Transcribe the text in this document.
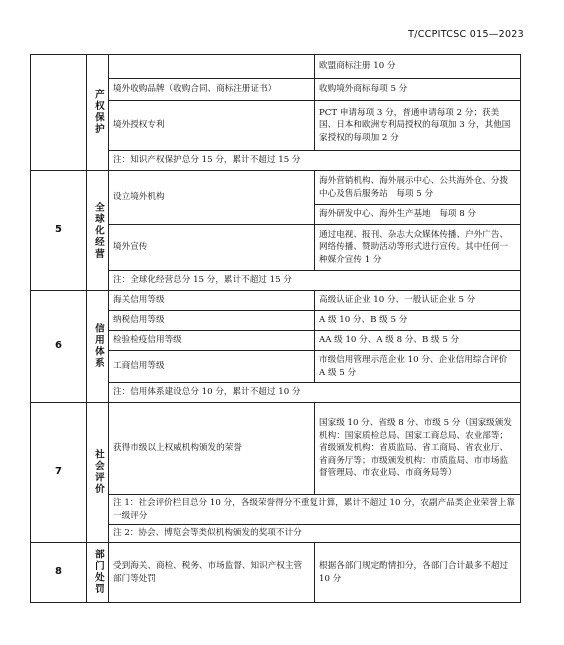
T/CCPITCSC 015—2023

	产权保护		欧盟商标注册 10 分
		境外收购品牌（收购合同、商标注册证书）	收购境外商标每项 5 分
		境外授权专利	PCT 申请每项 3 分，普通申请每项 2 分；获美国、日本和欧洲专利局授权的每项加 3 分，其他国家授权的每项加 2 分
		注：知识产权保护总分 15 分，累计不超过 15 分	
5	全球化经营	设立境外机构	海外营销机构、海外展示中心、公共海外仓、分拨中心及售后服务站　每项 5 分
			海外研发中心、海外生产基地　每项 8 分
		境外宣传	通过电视、报刊、杂志大众媒体传播、户外广告、网络传播、赞助活动等形式进行宣传。其中任何一种媒介宣传 1 分
		注：全球化经营总分 15 分，累计不超过 15 分	
6	信用体系	海关信用等级	高级认证企业 10 分、一般认证企业 5 分
		纳税信用等级	A 级 10 分、B 级 5 分
		检验检疫信用等级	AA 级 10 分、A 级 8 分、B 级 5 分
		工商信用等级	市级信用管理示范企业 10 分、企业信用综合评价 A 级 5 分
		注：信用体系建设总分 10 分，累计不超过 10 分	
7	社会评价	获得市级以上权威机构颁发的荣誉	国家级 10 分、省级 8 分、市级 5 分（国家级颁发机构：国家质检总局、国家工商总局、农业部等；省级颁发机构：省质监局、省工商局、省农业厅、省商务厅等；市级颁发机构：市质监局、市市场监督管理局、市农业局、市商务局等）
		注 1：社会评价栏目总分 10 分，各级荣誉得分不重复计算，累计不超过 10 分，农副产品类企业荣誉上靠一级评分	
		注 2：协会、博览会等类似机构颁发的奖项不计分	
8	部门处罚	受到海关、商检、税务、市场监督、知识产权主管部门等处罚	根据各部门规定酌情扣分，各部门合计最多不超过 10 分
